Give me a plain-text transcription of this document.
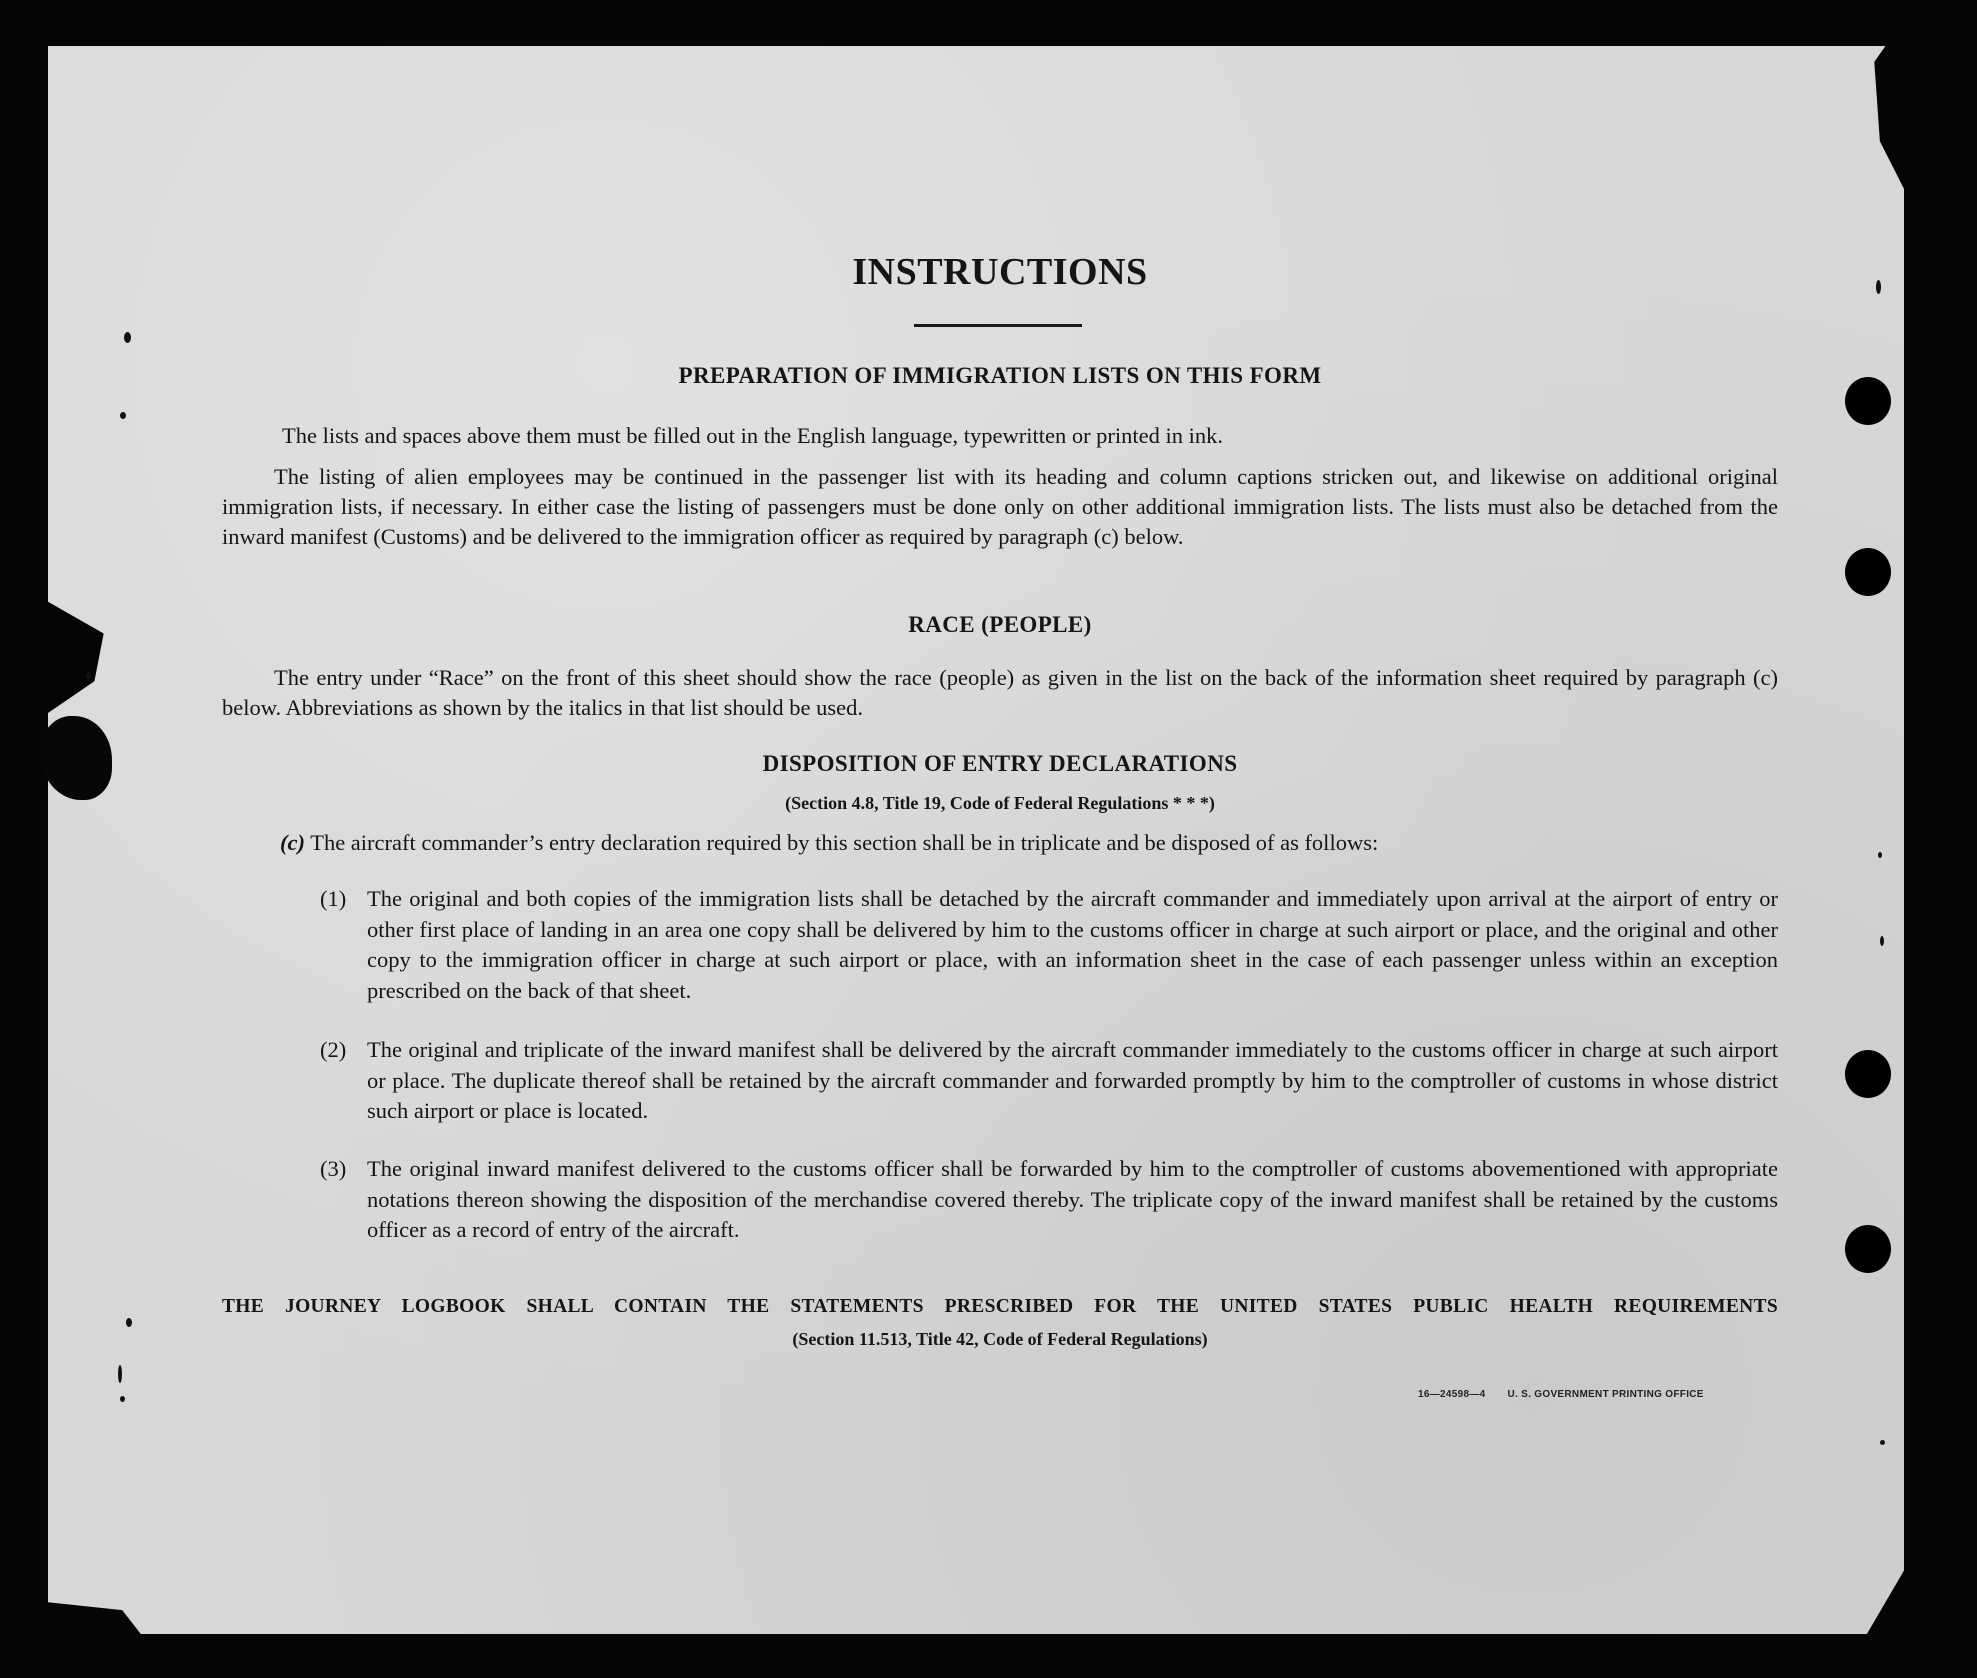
INSTRUCTIONS
PREPARATION OF IMMIGRATION LISTS ON THIS FORM
The lists and spaces above them must be filled out in the English language, typewritten or printed in ink.
The listing of alien employees may be continued in the passenger list with its heading and column captions stricken out, and likewise on additional original immigration lists, if necessary. In either case the listing of passengers must be done only on other additional immigration lists. The lists must also be detached from the inward manifest (Customs) and be delivered to the immigration officer as required by paragraph (c) below.
RACE (PEOPLE)
The entry under “Race” on the front of this sheet should show the race (people) as given in the list on the back of the information sheet required by paragraph (c) below. Abbreviations as shown by the italics in that list should be used.
DISPOSITION OF ENTRY DECLARATIONS
(Section 4.8, Title 19, Code of Federal Regulations * * *)
(c) The aircraft commander’s entry declaration required by this section shall be in triplicate and be disposed of as follows:
(1) The original and both copies of the immigration lists shall be detached by the aircraft commander and immediately upon arrival at the airport of entry or other first place of landing in an area one copy shall be delivered by him to the customs officer in charge at such airport or place, and the original and other copy to the immigration officer in charge at such airport or place, with an information sheet in the case of each passenger unless within an exception prescribed on the back of that sheet.
(2) The original and triplicate of the inward manifest shall be delivered by the aircraft commander immediately to the customs officer in charge at such airport or place. The duplicate thereof shall be retained by the aircraft commander and forwarded promptly by him to the comptroller of customs in whose district such airport or place is located.
(3) The original inward manifest delivered to the customs officer shall be forwarded by him to the comptroller of customs abovementioned with appropriate notations thereon showing the disposition of the merchandise covered thereby. The triplicate copy of the inward manifest shall be retained by the customs officer as a record of entry of the aircraft.
THE JOURNEY LOGBOOK SHALL CONTAIN THE STATEMENTS PRESCRIBED FOR THE UNITED STATES PUBLIC HEALTH REQUIREMENTS
(Section 11.513, Title 42, Code of Federal Regulations)
16—24598—4 U. S. GOVERNMENT PRINTING OFFICE
